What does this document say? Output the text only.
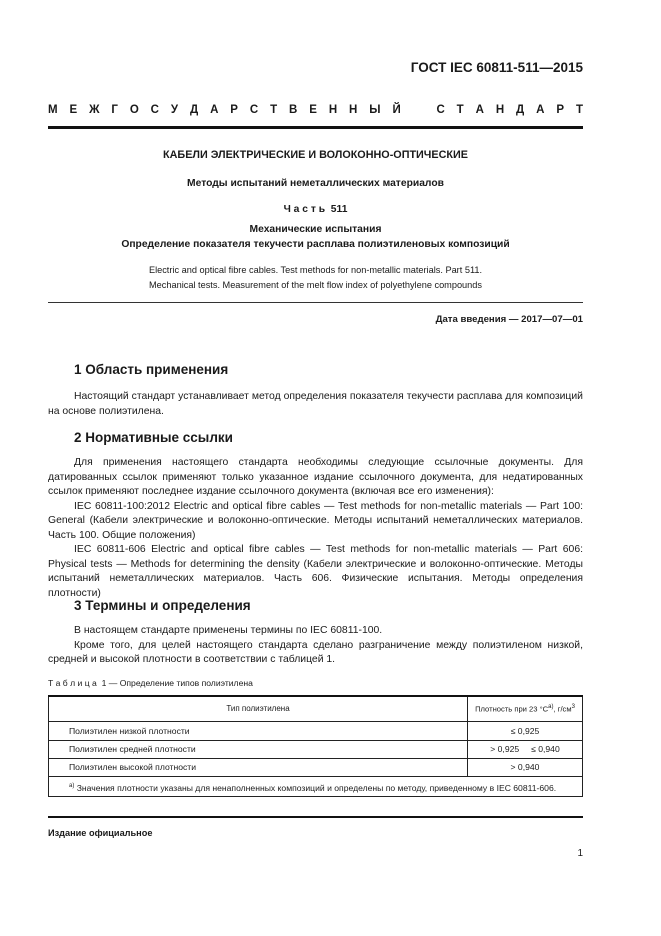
ГОСТ IEC 60811-511—2015
М Е Ж Г О С У Д А Р С Т В Е Н Н Ы Й   С Т А Н Д А Р Т
КАБЕЛИ ЭЛЕКТРИЧЕСКИЕ И ВОЛОКОННО-ОПТИЧЕСКИЕ
Методы испытаний неметаллических материалов
Ч а с т ь  511
Механические испытания
Определение показателя текучести расплава полиэтиленовых композиций
Electric and optical fibre cables. Test methods for non-metallic materials. Part 511.
Mechanical tests. Measurement of the melt flow index of polyethylene compounds
Дата введения — 2017—07—01
1 Область применения

Настоящий стандарт устанавливает метод определения показателя текучести расплава для композиций на основе полиэтилена.

2 Нормативные ссылки

Для применения настоящего стандарта необходимы следующие ссылочные документы. Для датированных ссылок применяют только указанное издание ссылочного документа, для недатированных ссылок применяют последнее издание ссылочного документа (включая все его изменения):

IEC 60811-100:2012 Electric and optical fibre cables — Test methods for non-metallic materials — Part 100: General (Кабели электрические и волоконно-оптические. Методы испытаний неметаллических материалов. Часть 100. Общие положения)

IEC 60811-606 Electric and optical fibre cables — Test methods for non-metallic materials — Part 606: Physical tests — Methods for determining the density (Кабели электрические и волоконно-оптические. Методы испытаний неметаллических материалов. Часть 606. Физические испытания. Методы определения плотности)

3 Термины и определения

В настоящем стандарте применены термины по IEC 60811-100.

Кроме того, для целей настоящего стандарта сделано разграничение между полиэтиленом низкой, средней и высокой плотности в соответствии с таблицей 1.

Т а б л и ц а  1 — Определение типов полиэтилена
Тип полиэтилена	Плотность при 23 $^\circ C^{a)}$, $г/см^3$
Полиэтилен низкой плотности	≤ 0,925
Полиэтилен средней плотности	> 0,925 ≤ 0,940
Полиэтилен высокой плотности	> 0,940
$^{a)}$ Значения плотности указаны для ненаполненных композиций и определены по методу, приведенному в IEC 60811-606.	
Издание официальное
1
